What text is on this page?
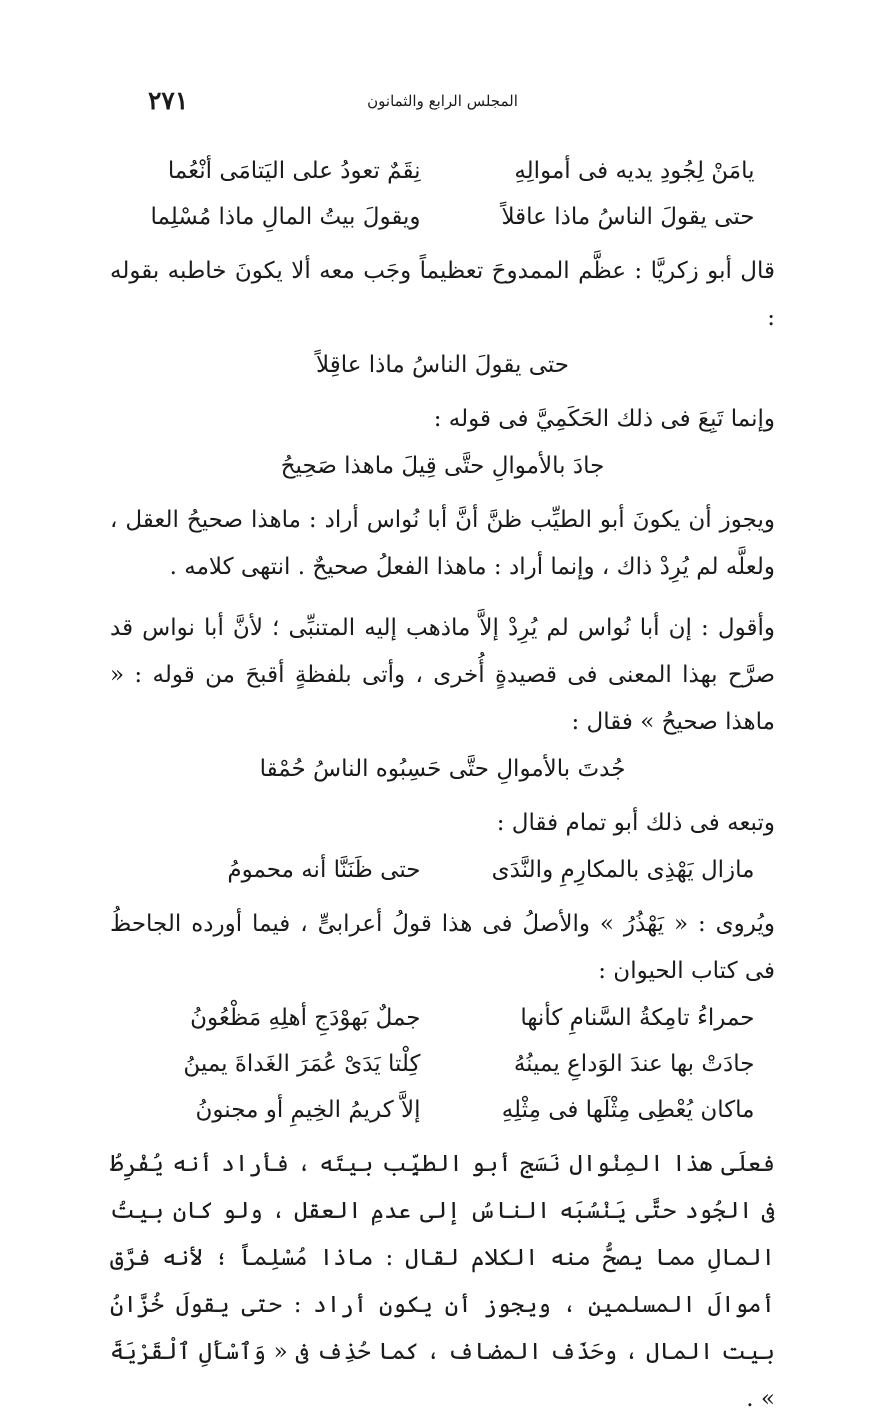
٢٧١	المجلس الرابع والثمانون
يامَنْ لِجُودِ يديه فى أموالِهِ
نِقَمٌ تعودُ على اليَتامَى أنْعُما
حتى يقولَ الناسُ ماذا عاقلاً
ويقولَ بيتُ المالِ ماذا مُسْلِما

قال أبو زكريَّا : عظَّم الممدوحَ تعظيماً وجَب معه ألا يكونَ خاطبه بقوله :

حتى يقولَ الناسُ ماذا عاقِلاً

وإنما تَبِعَ فى ذلك الحَكَمِيَّ فى قوله :

جادَ بالأموالِ حتَّى قِيلَ ماهذا صَحِيحُ

ويجوز أن يكونَ أبو الطيِّب ظنَّ أنَّ أبا نُواس أراد : ماهذا صحيحُ العقل ، ولعلَّه لم يُرِدْ ذاك ، وإنما أراد : ماهذا الفعلُ صحيحٌ . انتهى كلامه .

وأقول : إن أبا نُواس لم يُرِدْ إلاَّ ماذهب إليه المتنبِّى ؛ لأنَّ أبا نواس قد صرَّح بهذا المعنى فى قصيدةٍ أُخرى ، وأتى بلفظةٍ أقبحَ من قوله : « ماهذا صحيحُ » فقال :

جُدتَ بالأموالِ حتَّى حَسِبُوه الناسُ حُمْقا

وتبعه فى ذلك أبو تمام فقال :

مازال يَهْذِى بالمكارِمِ والنَّدَى
حتى ظَنَنَّا أنه محمومُ

ويُروى : « يَهْذُرُ » والأصلُ فى هذا قولُ أعرابىٍّ ، فيما أورده الجاحظُ فى كتاب الحيوان :

حمراءُ تامِكةُ السَّنامِ كأنها
جملٌ بَهوْدَجِ أهلِهِ مَظْعُونُ
جادَتْ بها عندَ الوَداعِ يمينُهُ
كِلْتا يَدَىْ عُمَرَ الغَداةَ يمينُ
ماكان يُعْطِى مِثْلَها فى مِثْلِهِ
إلاَّ كريمُ الخِيمِ أو مجنونُ

فعلَى هذا المِنْوال نَسَج أبو الطيِّب بيتَه ، فأراد أنه يُفْرِطُ فى الجُود حتَّى يَنْسُبَه الناسُ إلى عدمِ العقل ، ولو كان بيتُ المالِ مما يصحُّ منه الكلام لقال : ماذا مُسْلِماً ؛ لأنه فرَّق أموالَ المسلمين ، ويجوز أن يكون أراد : حتى يقولَ خُزَّانُ بيت المال ، وحَذَف المضاف ، كما حُذِف فى « وَٱسْأَلِ ٱلْقَرْيَةَ » .
